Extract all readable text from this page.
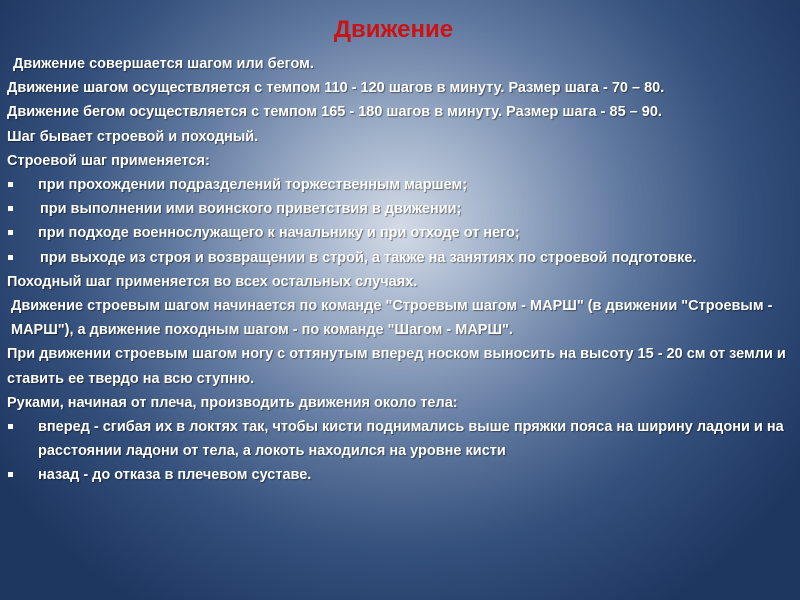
Движение

Движение совершается шагом или бегом.

Движение шагом осуществляется с темпом 110 - 120 шагов в минуту. Размер шага - 70 – 80.

Движение бегом осуществляется с темпом 165 - 180 шагов в минуту. Размер шага - 85 – 90.

Шаг бывает строевой и походный.

Строевой шаг применяется:

при прохождении подразделений торжественным маршем;
при выполнении ими воинского приветствия в движении;
при подходе военнослужащего к начальнику и при отходе от него;
при выходе из строя и возвращении в строй, а также на занятиях по строевой подготовке.

Походный шаг применяется во всех остальных случаях.

Движение строевым шагом начинается по команде "Строевым шагом - МАРШ" (в движении "Строевым - МАРШ"), а движение походным шагом - по команде "Шагом - МАРШ".

При движении строевым шагом ногу с оттянутым вперед носком выносить на высоту 15 - 20 см от земли и ставить ее твердо на всю ступню.

Руками, начиная от плеча, производить движения около тела:

вперед - сгибая их в локтях так, чтобы кисти поднимались выше пряжки пояса на ширину ладони и на расстоянии ладони от тела, а локоть находился на уровне кисти
назад - до отказа в плечевом суставе.
